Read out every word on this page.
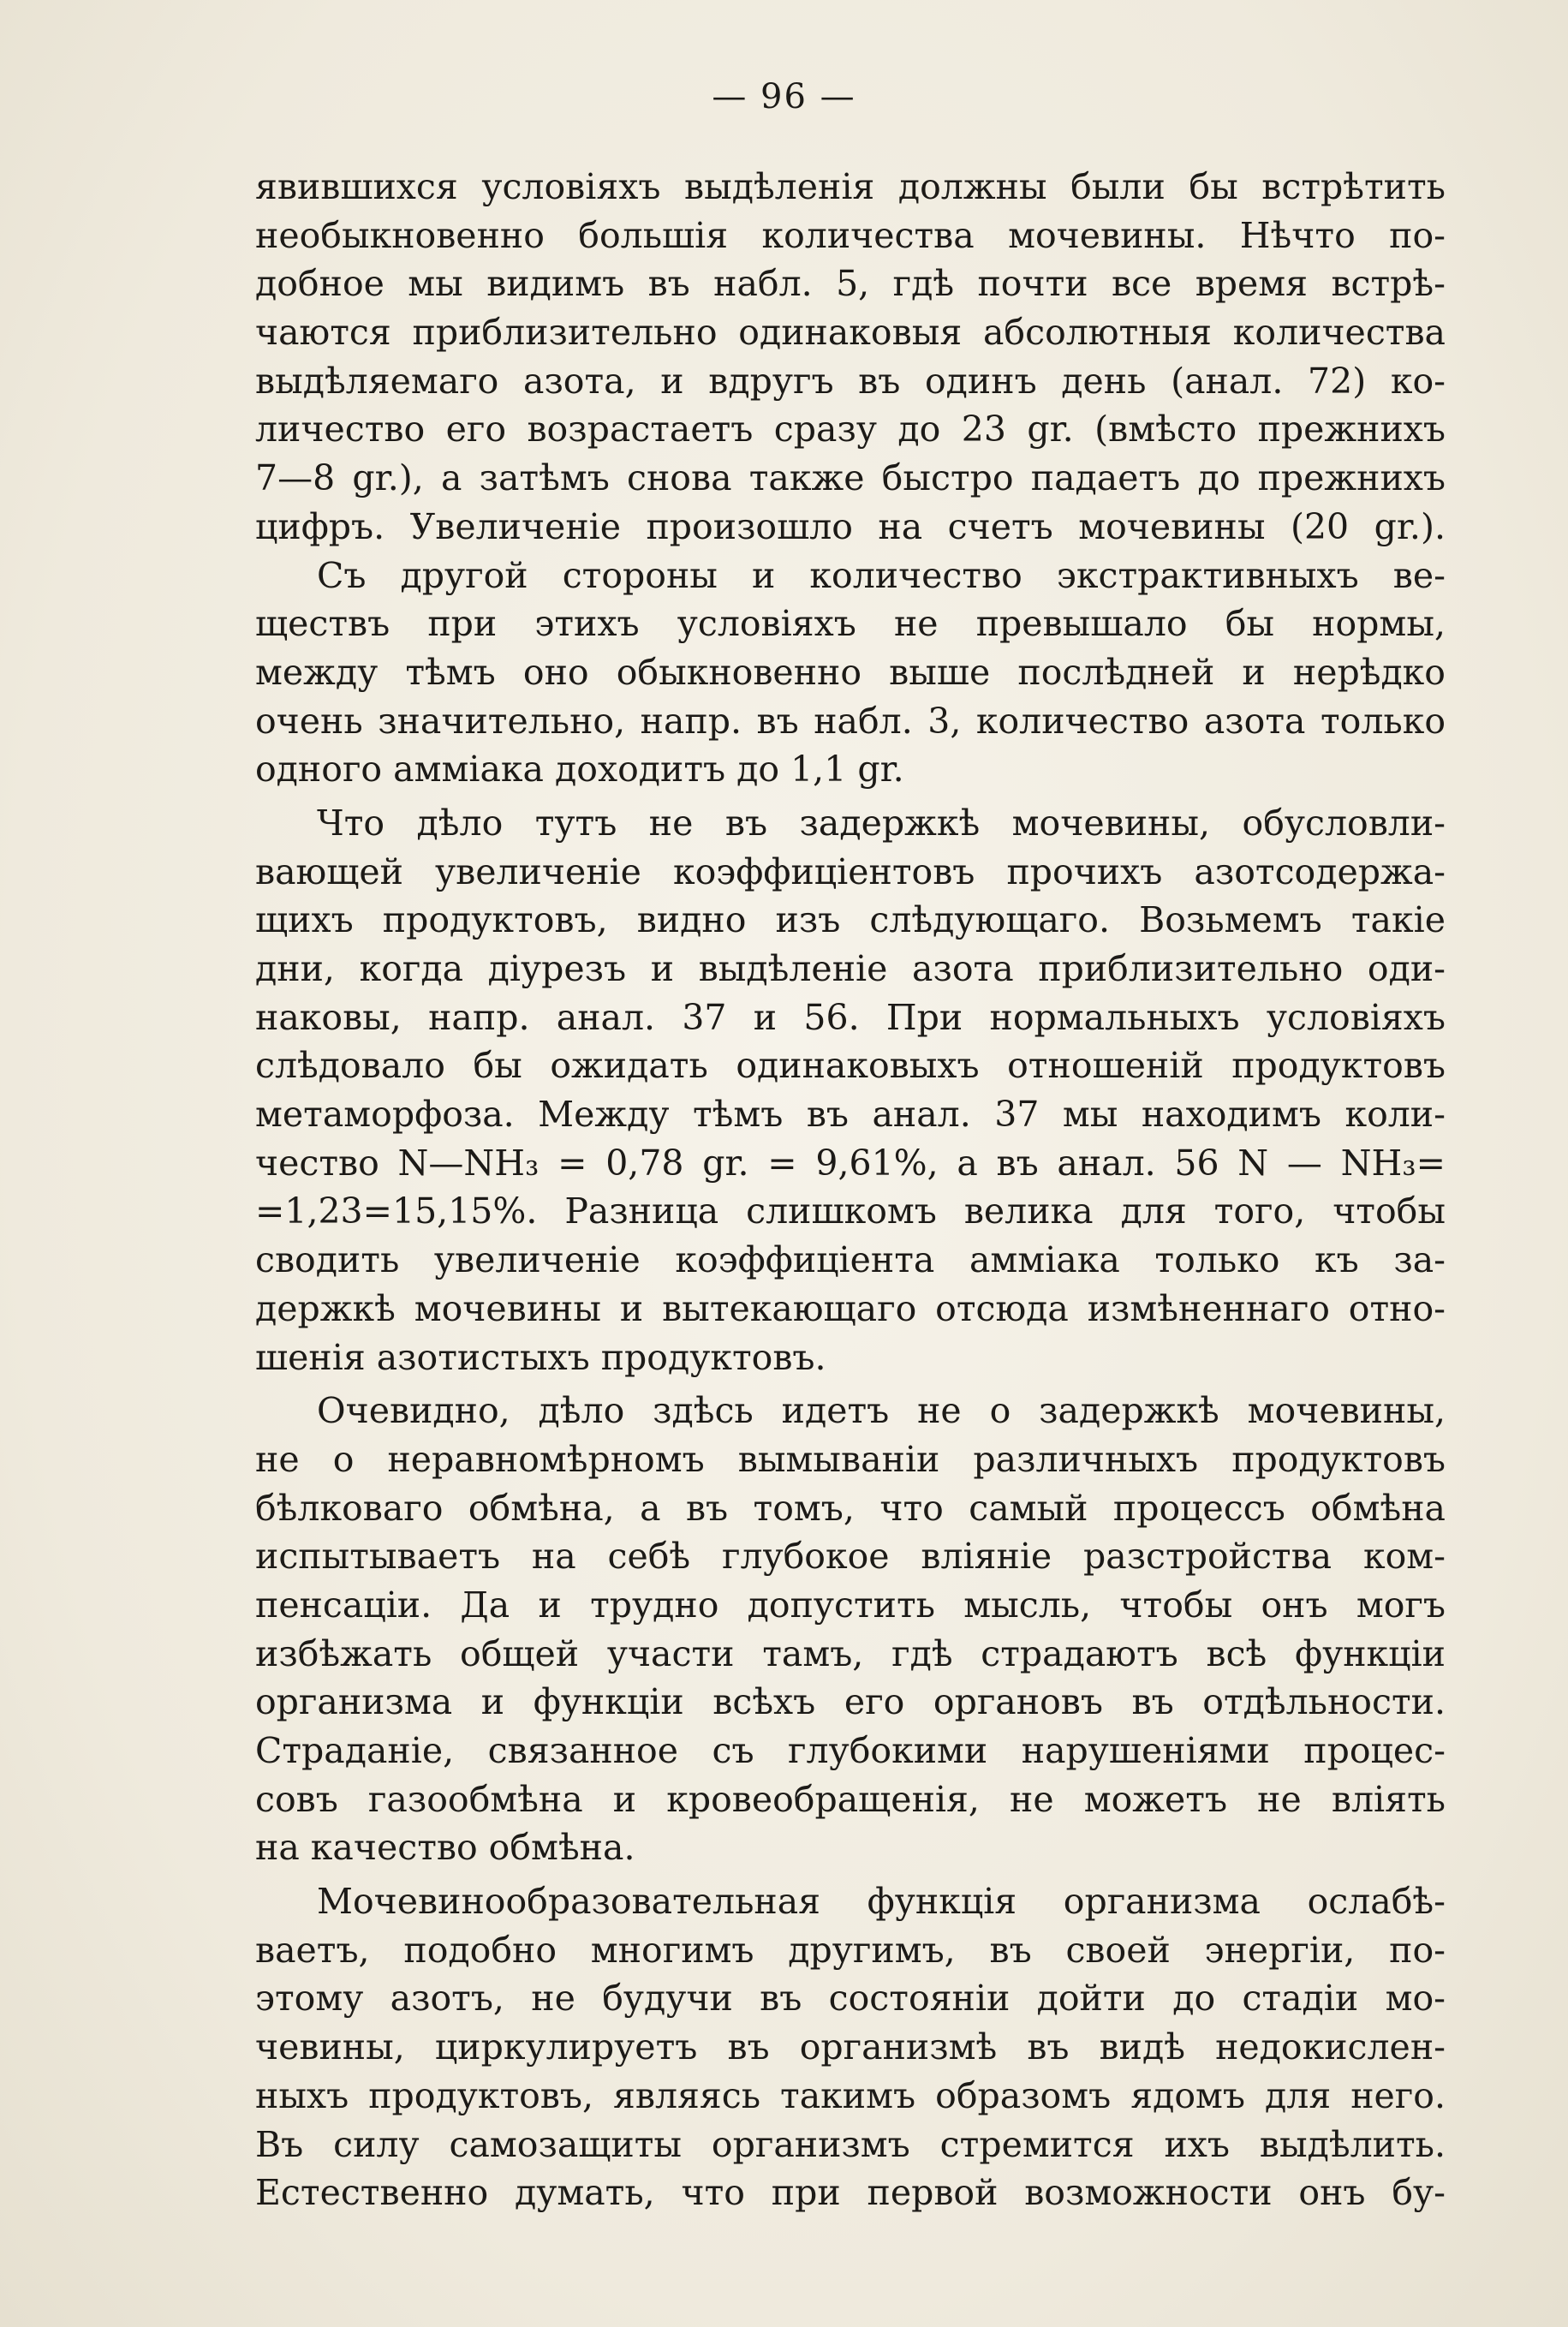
— 96 —
явившихся условіяхъ выдѣленія должны были бы встрѣтить
необыкновенно большія количества мочевины. Нѣчто по-
добное мы видимъ въ набл. 5, гдѣ почти все время встрѣ-
чаются приблизительно одинаковыя абсолютныя количества
выдѣляемаго азота, и вдругъ въ одинъ день (анал. 72) ко-
личество его возрастаетъ сразу до 23 gr. (вмѣсто прежнихъ
7—8 gr.), а затѣмъ снова также быстро падаетъ до прежнихъ
цифръ. Увеличеніе произошло на счетъ мочевины (20 gr.).
Съ другой стороны и количество экстрактивныхъ ве-
ществъ при этихъ условіяхъ не превышало бы нормы,
между тѣмъ оно обыкновенно выше послѣдней и нерѣдко
очень значительно, напр. въ набл. 3, количество азота только
одного амміака доходитъ до 1,1 gr.
Что дѣло тутъ не въ задержкѣ мочевины, обусловли-
вающей увеличеніе коэффиціентовъ прочихъ азотсодержа-
щихъ продуктовъ, видно изъ слѣдующаго. Возьмемъ такіе
дни, когда діурезъ и выдѣленіе азота приблизительно оди-
наковы, напр. анал. 37 и 56. При нормальныхъ условіяхъ
слѣдовало бы ожидать одинаковыхъ отношеній продуктовъ
метаморфоза. Между тѣмъ въ анал. 37 мы находимъ коли-
чество N—NH₃ = 0,78 gr. = 9,61%, а въ анал. 56 N — NH₃=
=1,23=15,15%. Разница слишкомъ велика для того, чтобы
сводить увеличеніе коэффиціента амміака только къ за-
держкѣ мочевины и вытекающаго отсюда измѣненнаго отно-
шенія азотистыхъ продуктовъ.
Очевидно, дѣло здѣсь идетъ не о задержкѣ мочевины,
не о неравномѣрномъ вымываніи различныхъ продуктовъ
бѣлковаго обмѣна, а въ томъ, что самый процессъ обмѣна
испытываетъ на себѣ глубокое вліяніе разстройства ком-
пенсаціи. Да и трудно допустить мысль, чтобы онъ могъ
избѣжать общей участи тамъ, гдѣ страдаютъ всѣ функціи
организма и функціи всѣхъ его органовъ въ отдѣльности.
Страданіе, связанное съ глубокими нарушеніями процес-
совъ газообмѣна и кровеобращенія, не можетъ не вліять
на качество обмѣна.
Мочевинообразовательная функція организма ослабѣ-
ваетъ, подобно многимъ другимъ, въ своей энергіи, по-
этому азотъ, не будучи въ состояніи дойти до стадіи мо-
чевины, циркулируетъ въ организмѣ въ видѣ недокислен-
ныхъ продуктовъ, являясь такимъ образомъ ядомъ для него.
Въ силу самозащиты организмъ стремится ихъ выдѣлить.
Естественно думать, что при первой возможности онъ бу-
